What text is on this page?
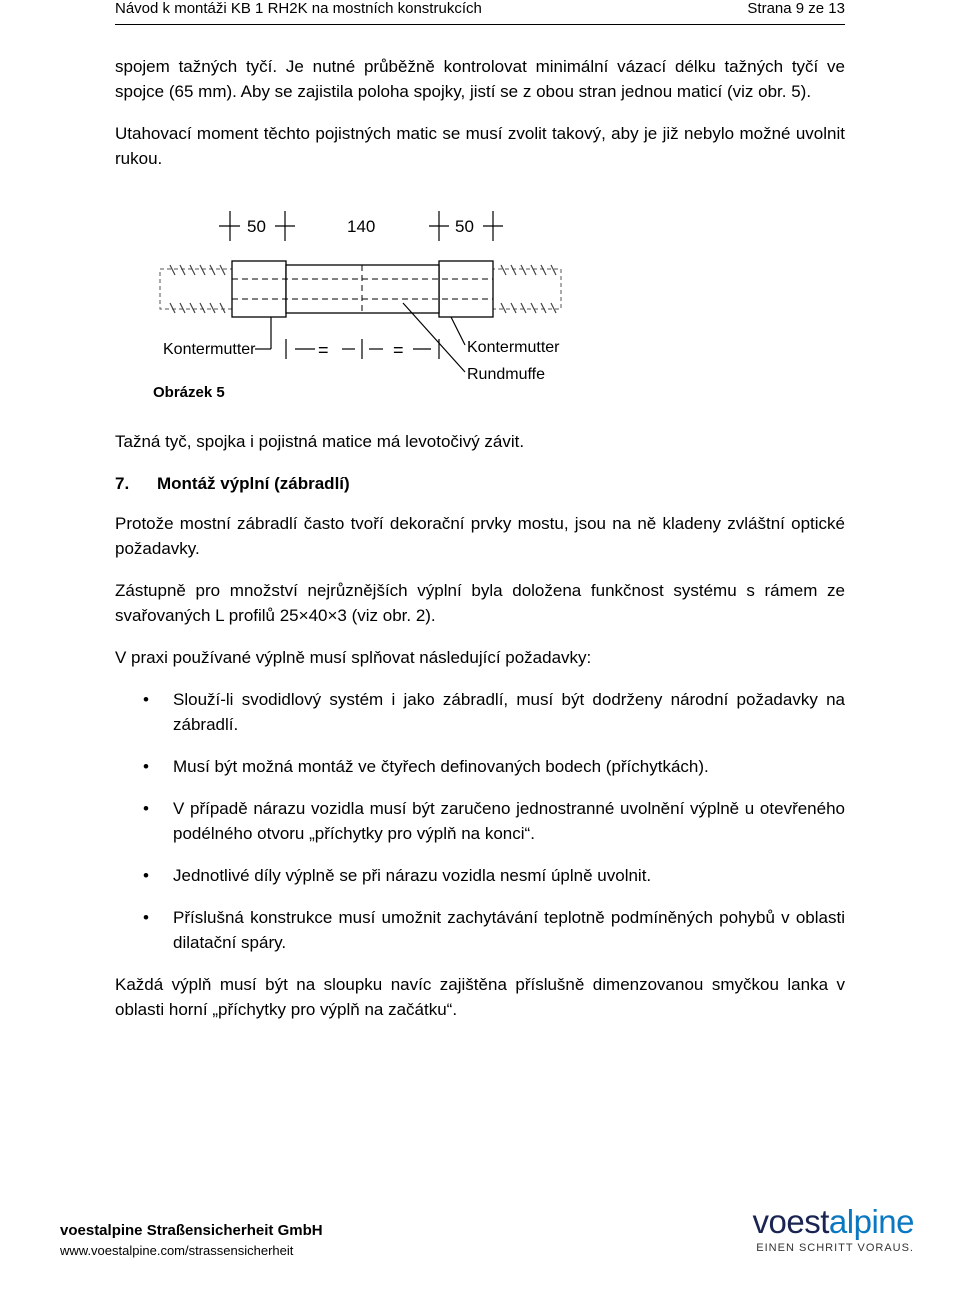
Návod k montáži KB 1 RH2K na mostních konstrukcích	Strana 9 ze 13

spojem tažných tyčí. Je nutné průběžně kontrolovat minimální vázací délku tažných tyčí ve spojce (65 mm). Aby se zajistila poloha spojky, jistí se z obou stran jednou maticí (viz obr. 5).

Utahovací moment těchto pojistných matic se musí zvolit takový, aby je již nebylo možné uvolnit rukou.

50	140	50
Kontermutter	=	=	Kontermutter
Rundmuffe
Obrázek 5

Tažná tyč, spojka i pojistná matice má levotočivý závit.

7. Montáž výplní (zábradlí)

Protože mostní zábradlí často tvoří dekorační prvky mostu, jsou na ně kladeny zvláštní optické požadavky.

Zástupně pro množství nejrůznějších výplní byla doložena funkčnost systému s rámem ze svařovaných L profilů 25×40×3 (viz obr. 2).

V praxi používané výplně musí splňovat následující požadavky:

• Slouží-li svodidlový systém i jako zábradlí, musí být dodrženy národní požadavky na zábradlí.
• Musí být možná montáž ve čtyřech definovaných bodech (příchytkách).
• V případě nárazu vozidla musí být zaručeno jednostranné uvolnění výplně u otevřeného podélného otvoru „příchytky pro výplň na konci“.
• Jednotlivé díly výplně se při nárazu vozidla nesmí úplně uvolnit.
• Příslušná konstrukce musí umožnit zachytávání teplotně podmíněných pohybů v oblasti dilatační spáry.

Každá výplň musí být na sloupku navíc zajištěna příslušně dimenzovanou smyčkou lanka v oblasti horní „příchytky pro výplň na začátku“.

voestalpine Straßensicherheit GmbH
www.voestalpine.com/strassensicherheit
voestalpine
EINEN SCHRITT VORAUS.
